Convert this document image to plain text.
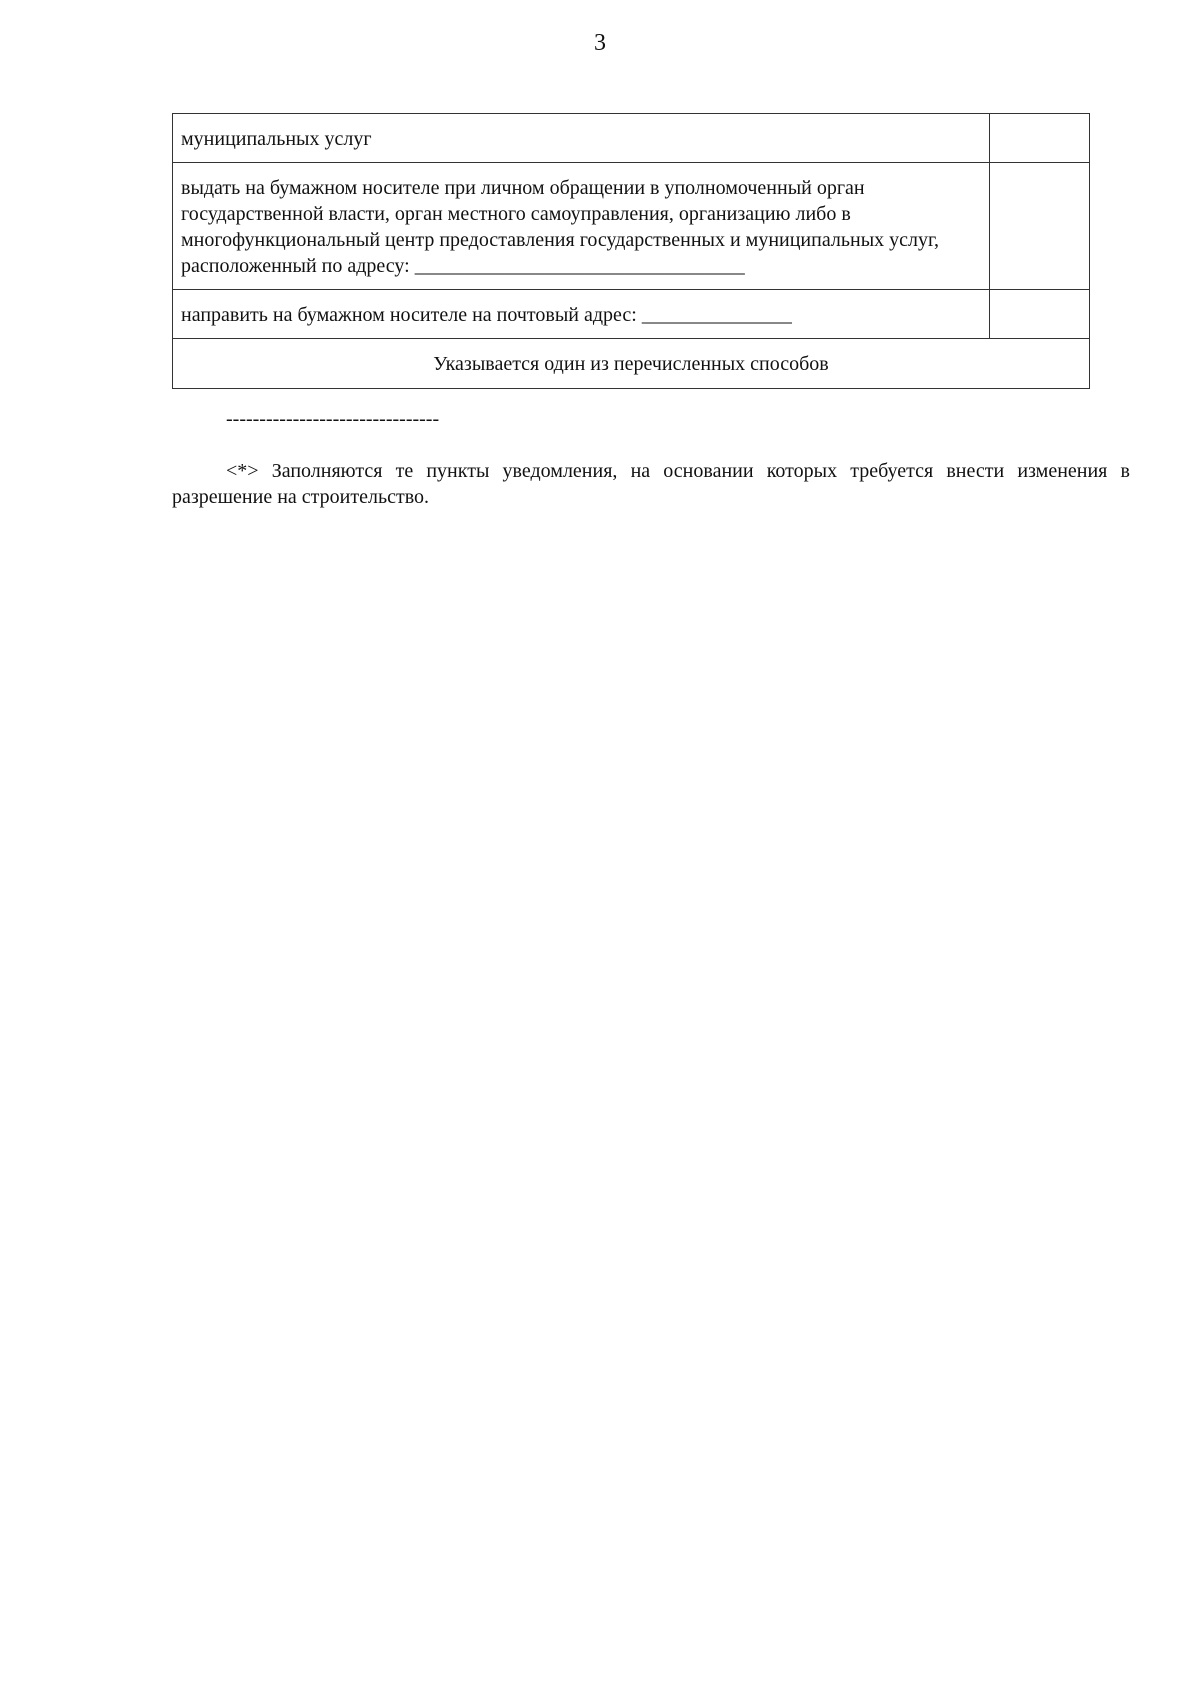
3
муниципальных услуг	
выдать на бумажном носителе при личном обращении в уполномоченный орган государственной власти, орган местного самоуправления, организацию либо в многофункциональный центр предоставления государственных и муниципальных услуг, расположенный по адресу: _________________________________	
направить на бумажном носителе на почтовый адрес: _______________	
Указывается один из перечисленных способов	
--------------------------------

<*> Заполняются те пункты уведомления, на основании которых требуется внести изменения в разрешение на строительство.
